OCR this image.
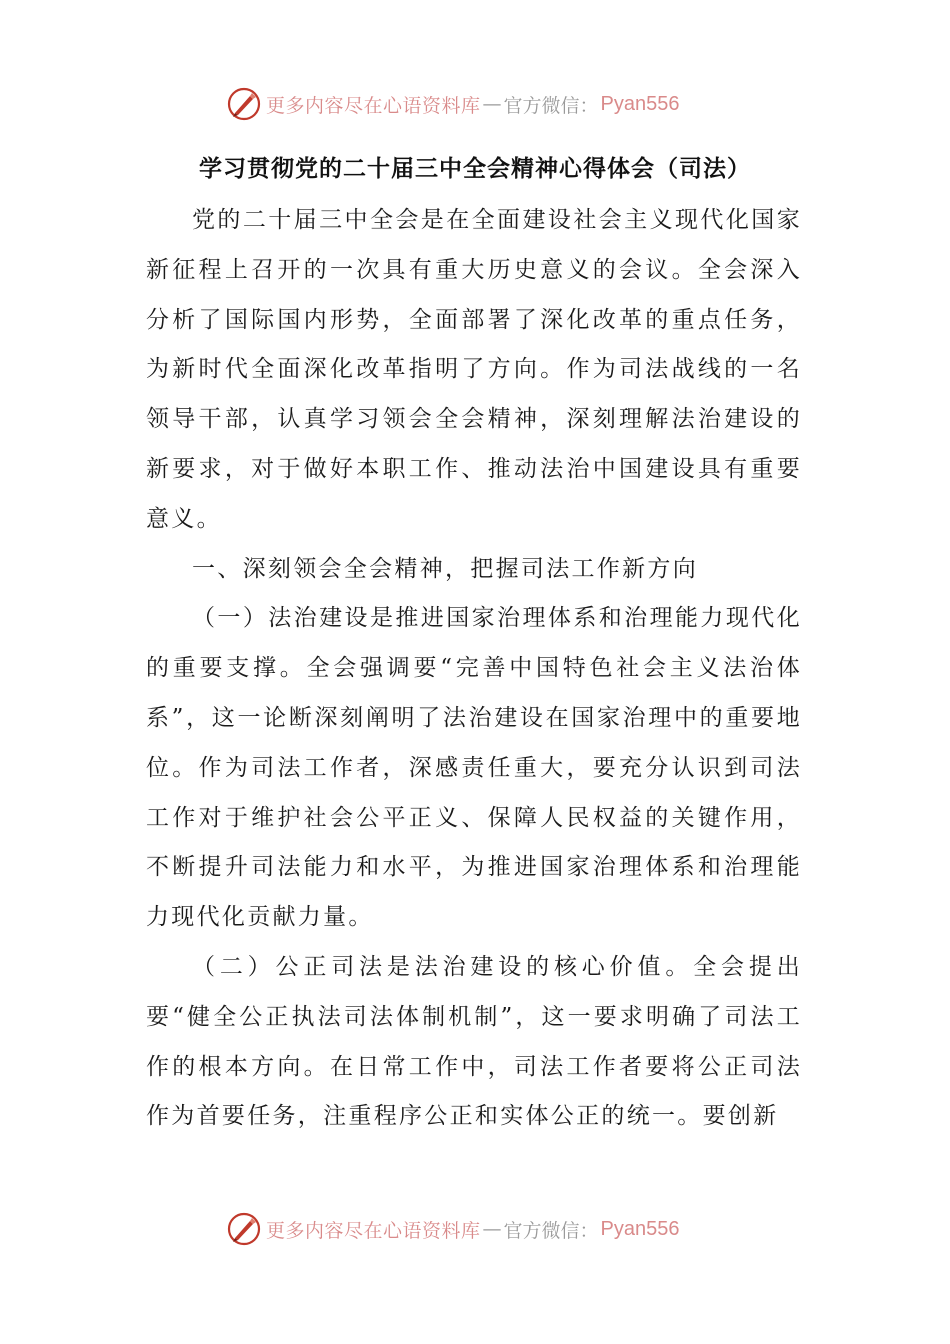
更多内容尽在心语资料库 — 官方微信： Pyan556
学习贯彻党的二十届三中全会精神心得体会（司法）

党的二十届三中全会是在全面建设社会主义现代化国家新征程上召开的一次具有重大历史意义的会议。全会深入分析了国际国内形势，全面部署了深化改革的重点任务，为新时代全面深化改革指明了方向。作为司法战线的一名领导干部，认真学习领会全会精神，深刻理解法治建设的新要求，对于做好本职工作、推动法治中国建设具有重要意义。

一、深刻领会全会精神，把握司法工作新方向

（一）法治建设是推进国家治理体系和治理能力现代化的重要支撑。全会强调要“完善中国特色社会主义法治体系”，这一论断深刻阐明了法治建设在国家治理中的重要地位。作为司法工作者，深感责任重大，要充分认识到司法工作对于维护社会公平正义、保障人民权益的关键作用，不断提升司法能力和水平，为推进国家治理体系和治理能力现代化贡献力量。

（二）公正司法是法治建设的核心价值。全会提出要“健全公正执法司法体制机制”，这一要求明确了司法工作的根本方向。在日常工作中，司法工作者要将公正司法作为首要任务，注重程序公正和实体公正的统一。要创新

更多内容尽在心语资料库 — 官方微信： Pyan556
